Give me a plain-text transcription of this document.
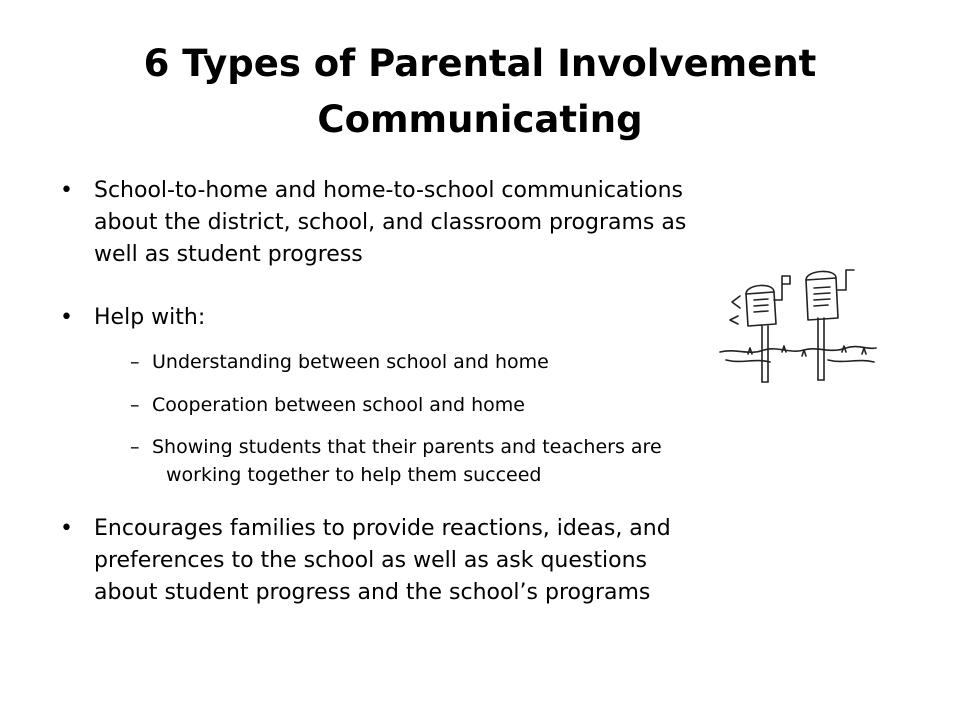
6 Types of Parental Involvement
Communicating
• School-to-home and home-to-school communications
about the district, school, and classroom programs as
well as student progress
• Help with:
– Understanding between school and home
– Cooperation between school and home
– Showing students that their parents and teachers are
working together to help them succeed
• Encourages families to provide reactions, ideas, and
preferences to the school as well as ask questions
about student progress and the school’s programs
